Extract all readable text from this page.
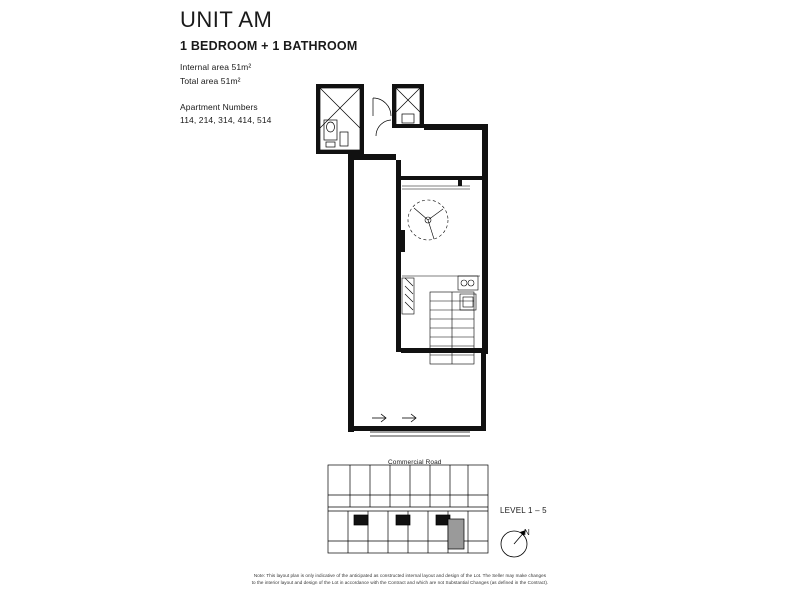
UNIT AM
1 BEDROOM + 1 BATHROOM
Internal area 51m²
Total area 51m²
Apartment Numbers
114, 214, 314, 414, 514
Commercial Road
LEVEL 1 – 5
N
Note: This layout plan is only indicative of the anticipated as constructed internal layout and design of the Lot. The Seller may make changes
to the interior layout and design of the Lot in accordance with the Contract and which are not Substantial Changes (as defined in the Contract).
